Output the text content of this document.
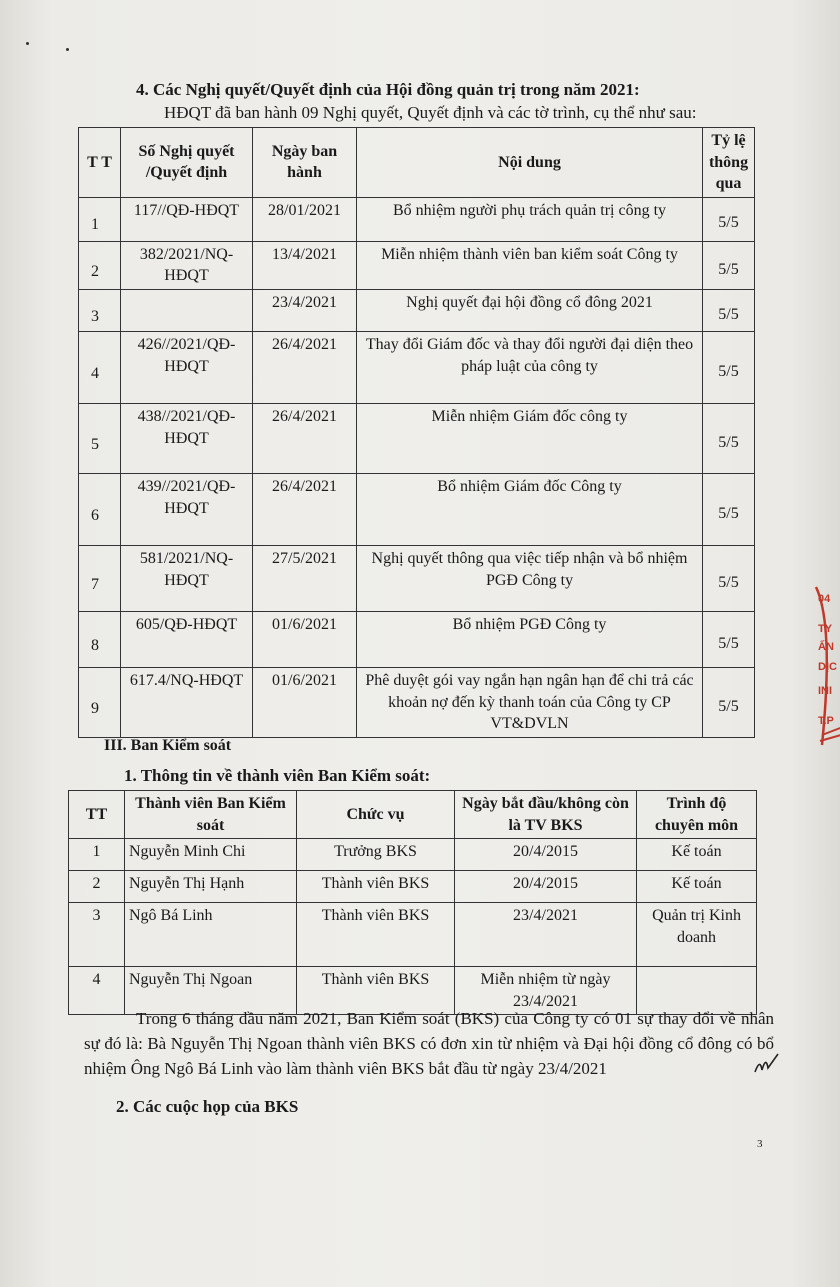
4. Các Nghị quyết/Quyết định của Hội đồng quản trị trong năm 2021:
HĐQT đã ban hành 09 Nghị quyết, Quyết định và các tờ trình, cụ thể như sau:
T T	Số Nghị quyết /Quyết định	Ngày ban hành	Nội dung	Tỷ lệ thông qua
1	117//QĐ-HĐQT	28/01/2021	Bổ nhiệm người phụ trách quản trị công ty	5/5
2	382/2021/NQ-HĐQT	13/4/2021	Miễn nhiệm thành viên ban kiểm soát Công ty	5/5
3		23/4/2021	Nghị quyết đại hội đồng cổ đông 2021	5/5
4	426//2021/QĐ-HĐQT	26/4/2021	Thay đổi Giám đốc và thay đổi người đại diện theo pháp luật của công ty	5/5
5	438//2021/QĐ-HĐQT	26/4/2021	Miễn nhiệm Giám đốc công ty	5/5
6	439//2021/QĐ-HĐQT	26/4/2021	Bổ nhiệm Giám đốc Công ty	5/5
7	581/2021/NQ-HĐQT	27/5/2021	Nghị quyết thông qua việc tiếp nhận và bổ nhiệm PGĐ Công ty	5/5
8	605/QĐ-HĐQT	01/6/2021	Bổ nhiệm PGĐ Công ty	5/5
9	617.4/NQ-HĐQT	01/6/2021	Phê duyệt gói vay ngắn hạn ngân hạn để chi trả các khoản nợ đến kỳ thanh toán của Công ty CP VT&DVLN	5/5
III. Ban Kiểm soát
1. Thông tin về thành viên Ban Kiểm soát:
TT	Thành viên Ban Kiểm soát	Chức vụ	Ngày bắt đầu/không còn là TV BKS	Trình độ chuyên môn
1	Nguyễn Minh Chi	Trưởng BKS	20/4/2015	Kế toán
2	Nguyễn Thị Hạnh	Thành viên BKS	20/4/2015	Kế toán
3	Ngô Bá Linh	Thành viên BKS	23/4/2021	Quản trị Kinh doanh
4	Nguyễn Thị Ngoan	Thành viên BKS	Miễn nhiệm từ ngày 23/4/2021	
Trong 6 tháng đầu năm 2021, Ban Kiểm soát (BKS) của Công ty có 01 sự thay đổi về nhân sự đó là: Bà Nguyễn Thị Ngoan thành viên BKS có đơn xin từ nhiệm và Đại hội đồng cổ đông có bổ nhiệm Ông Ngô Bá Linh vào làm thành viên BKS bắt đầu từ ngày 23/4/2021
2. Các cuộc họp của BKS
3
04
TY
ẤN
DỊC
INI
T.P
